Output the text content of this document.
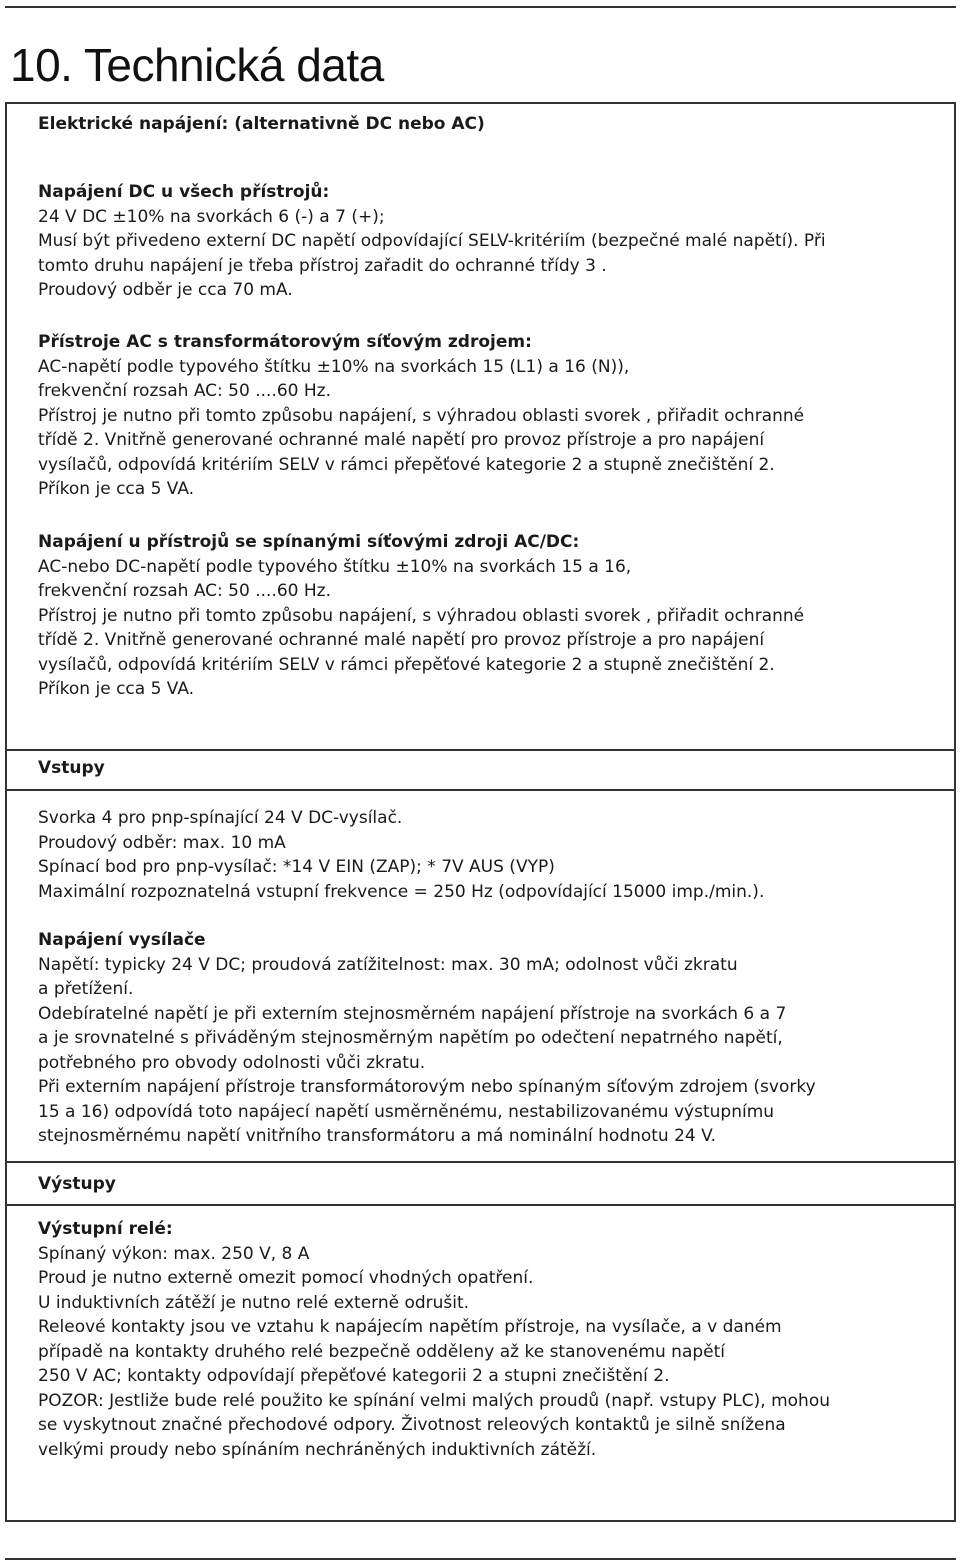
10. Technická data

Elektrické napájení: (alternativně DC nebo AC)

Napájení DC u všech přístrojů:

24 V DC ±10% na svorkách 6 (-) a 7 (+);

Musí být přivedeno externí DC napětí odpovídající SELV-kritériím (bezpečné malé napětí). Při

tomto druhu napájení je třeba přístroj zařadit do ochranné třídy 3 .

Proudový odběr je cca 70 mA.

Přístroje AC s transformátorovým síťovým zdrojem:

AC-napětí podle typového štítku ±10% na svorkách 15 (L1) a 16 (N)),

frekvenční rozsah AC: 50 ....60 Hz.

Přístroj je nutno při tomto způsobu napájení, s výhradou oblasti svorek , přiřadit ochranné

třídě 2. Vnitřně generované ochranné malé napětí pro provoz přístroje a pro napájení

vysílačů, odpovídá kritériím SELV v rámci přepěťové kategorie 2 a stupně znečištění 2.

Příkon je cca 5 VA.

Napájení u přístrojů se spínanými síťovými zdroji AC/DC:

AC-nebo DC-napětí podle typového štítku ±10% na svorkách 15 a 16,

frekvenční rozsah AC: 50 ....60 Hz.

Přístroj je nutno při tomto způsobu napájení, s výhradou oblasti svorek , přiřadit ochranné

třídě 2. Vnitřně generované ochranné malé napětí pro provoz přístroje a pro napájení

vysílačů, odpovídá kritériím SELV v rámci přepěťové kategorie 2 a stupně znečištění 2.

Příkon je cca 5 VA.

Vstupy

Svorka 4 pro pnp-spínající 24 V DC-vysílač.

Proudový odběr: max. 10 mA

Spínací bod pro pnp-vysílač: *14 V EIN (ZAP); * 7V AUS (VYP)

Maximální rozpoznatelná vstupní frekvence = 250 Hz (odpovídající 15000 imp./min.).

Napájení vysílače

Napětí: typicky 24 V DC; proudová zatížitelnost: max. 30 mA; odolnost vůči zkratu

a přetížení.

Odebíratelné napětí je při externím stejnosměrném napájení přístroje na svorkách 6 a 7

a je srovnatelné s přiváděným stejnosměrným napětím po odečtení nepatrného napětí,

potřebného pro obvody odolnosti vůči zkratu.

Při externím napájení přístroje transformátorovým nebo spínaným síťovým zdrojem (svorky

15 a 16) odpovídá toto napájecí napětí usměrněnému, nestabilizovanému výstupnímu

stejnosměrnému napětí vnitřního transformátoru a má nominální hodnotu 24 V.

Výstupy

Výstupní relé:

Spínaný výkon: max. 250 V, 8 A

Proud je nutno externě omezit pomocí vhodných opatření.

U induktivních zátěží je nutno relé externě odrušit.

Releové kontakty jsou ve vztahu k napájecím napětím přístroje, na vysílače, a v daném

případě na kontakty druhého relé bezpečně odděleny až ke stanovenému napětí

250 V AC; kontakty odpovídají přepěťové kategorii 2 a stupni znečištění 2.

POZOR: Jestliže bude relé použito ke spínání velmi malých proudů (např. vstupy PLC), mohou

se vyskytnout značné přechodové odpory. Životnost releových kontaktů je silně snížena

velkými proudy nebo spínáním nechráněných induktivních zátěží.
